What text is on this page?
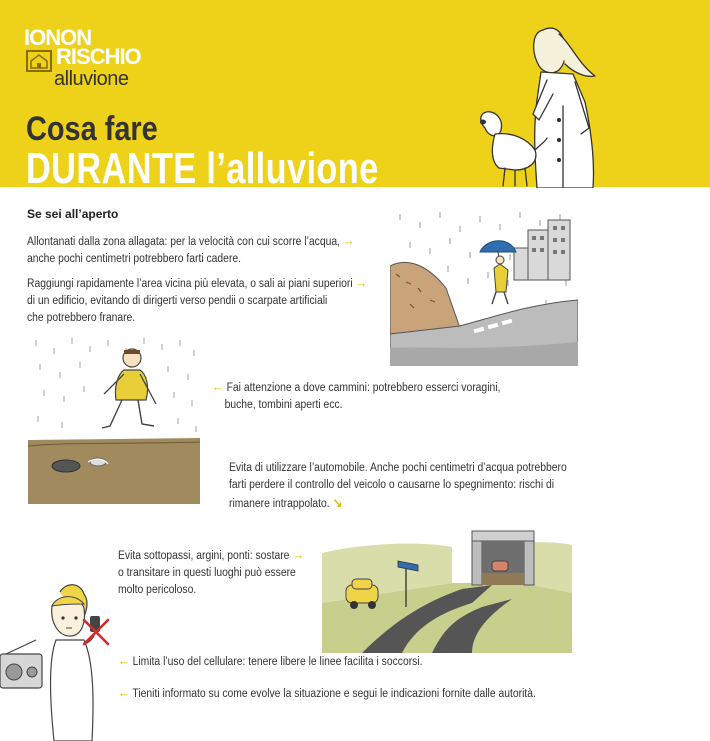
IONON
RISCHIO
alluvione
Cosa fare
DURANTE l’alluvione
Se sei all’aperto
Allontanati dalla zona allagata: per la velocità con cui scorre l’acqua, →
anche pochi centimetri potrebbero farti cadere.
Raggiungi rapidamente l’area vicina più elevata, o sali ai piani superiori →
di un edificio, evitando di dirigerti verso pendii o scarpate artificiali
che potrebbero franare.
← Fai attenzione a dove cammini: potrebbero esserci voragini,
buche, tombini aperti ecc.
Evita di utilizzare l’automobile. Anche pochi centimetri d’acqua potrebbero
farti perdere il controllo del veicolo o causarne lo spegnimento: rischi di
rimanere intrappolato. ↘
Evita sottopassi, argini, ponti: sostare →
o transitare in questi luoghi può essere
molto pericoloso.
← Limita l’uso del cellulare: tenere libere le linee facilita i soccorsi.
← Tieniti informato su come evolve la situazione e segui le indicazioni fornite dalle autorità.
